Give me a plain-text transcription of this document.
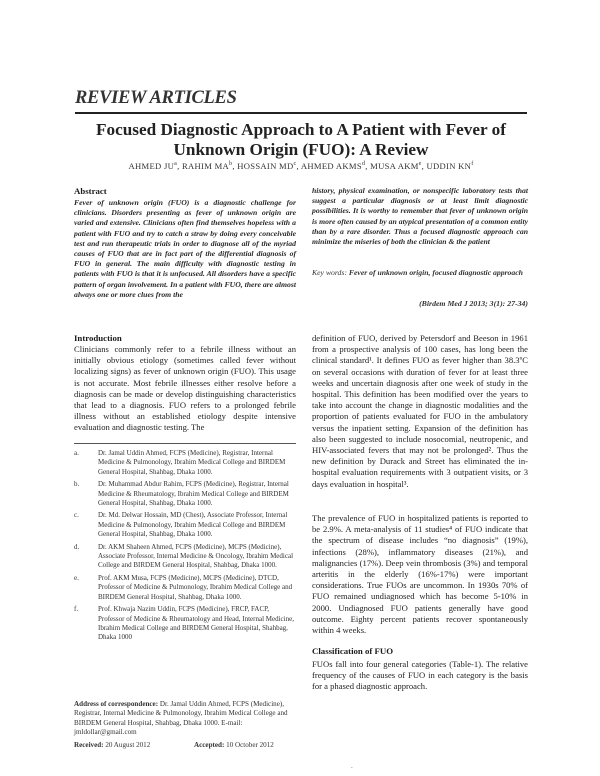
REVIEW ARTICLES
Focused Diagnostic Approach to A Patient with Fever of
Unknown Origin (FUO): A Review
AHMED $JU^a$, RAHIM $MA^b$, HOSSAIN $MD^c$, AHMED AKMS$^d$, MUSA AKM$^e$, UDDIN $KN^f$
Abstract
Fever of unknown origin (FUO) is a diagnostic challenge for clinicians. Disorders presenting as fever of unknown origin are varied and extensive. Clinicians often find themselves hopeless with a patient with FUO and try to catch a straw by doing every conceivable test and run therapeutic trials in order to diagnose all of the myriad causes of FUO that are in fact part of the differential diagnosis of FUO in general. The main difficulty with diagnostic testing in patients with FUO is that it is unfocused. All disorders have a specific pattern of organ involvement. In a patient with FUO, there are almost always one or more clues from the
history, physical examination, or nonspecific laboratory tests that suggest a particular diagnosis or at least limit diagnostic possibilities. It is worthy to remember that fever of unknown origin is more often caused by an atypical presentation of a common entity than by a rare disorder. Thus a focused diagnostic approach can minimize the miseries of both the clinician & the patient
Key words: Fever of unknown origin, focused diagnostic approach
(Birdem Med J 2013; 3(1): 27-34)
Introduction
Clinicians commonly refer to a febrile illness without an initially obvious etiology (sometimes called fever without localizing signs) as fever of unknown origin (FUO). This usage is not accurate. Most febrile illnesses either resolve before a diagnosis can be made or develop distinguishing characteristics that lead to a diagnosis. FUO refers to a prolonged febrile illness without an established etiology despite intensive evaluation and diagnostic testing. The
a.	Dr. Jamal Uddin Ahmed, FCPS (Medicine), Registrar, Internal Medicine & Pulmonology, Ibrahim Medical College and BIRDEM General Hospital, Shahbag, Dhaka 1000.
b.	Dr. Muhammad Abdur Rahim, FCPS (Medicine), Registrar, Internal Medicine & Rheumatology, Ibrahim Medical College and BIRDEM General Hospital, Shahbag, Dhaka 1000.
c.	Dr. Md. Delwar Hossain, MD (Chest), Associate Professor, Internal Medicine & Pulmonology, Ibrahim Medical College and BIRDEM General Hospital, Shahbag, Dhaka 1000.
d.	Dr. AKM Shaheen Ahmed, FCPS (Medicine), MCPS (Medicine), Associate Professor, Internal Medicine & Oncology, Ibrahim Medical College and BIRDEM General Hospital, Shahbag, Dhaka 1000.
e.	Prof. AKM Musa, FCPS (Medicine), MCPS (Medicine), DTCD, Professor of Medicine & Pulmonology, Ibrahim Medical College and BIRDEM General Hospital, Shahbag, Dhaka 1000.
f.	Prof. Khwaja Nazim Uddin, FCPS (Medicine), FRCP, FACP, Professor of Medicine & Rheumatology and Head, Internal Medicine, Ibrahim Medical College and BIRDEM General Hospital, Shahbag, Dhaka 1000
Address of correspondence: Dr. Jamal Uddin Ahmed, FCPS (Medicine), Registrar, Internal Medicine & Pulmonology, Ibrahim Medical College and BIRDEM General Hospital, Shahbag, Dhaka 1000. E-mail: jmldollar@gmail.com
Received: 20 August 2012	Accepted: 10 October 2012
definition of FUO, derived by Petersdorf and Beeson in 1961 from a prospective analysis of 100 cases, has long been the clinical standard¹. It defines FUO as fever higher than 38.3ºC on several occasions with duration of fever for at least three weeks and uncertain diagnosis after one week of study in the hospital. This definition has been modified over the years to take into account the change in diagnostic modalities and the proportion of patients evaluated for FUO in the ambulatory versus the inpatient setting. Expansion of the definition has also been suggested to include nosocomial, neutropenic, and HIV-associated fevers that may not be prolonged². Thus the new definition by Durack and Street has eliminated the in-hospital evaluation requirements with 3 outpatient visits, or 3 days evaluation in hospital³.
The prevalence of FUO in hospitalized patients is reported to be 2.9%. A meta-analysis of 11 studies⁴ of FUO indicate that the spectrum of disease includes “no diagnosis” (19%), infections (28%), inflammatory diseases (21%), and malignancies (17%). Deep vein thrombosis (3%) and temporal arteritis in the elderly (16%-17%) were important considerations. True FUOs are uncommon. In 1930s 70% of FUO remained undiagnosed which has become 5-10% in 2000. Undiagnosed FUO patients generally have good outcome. Eighty percent patients recover spontaneously within 4 weeks.
Classification of FUO
FUOs fall into four general categories (Table-1). The relative frequency of the causes of FUO in each category is the basis for a phased diagnostic approach.
.
